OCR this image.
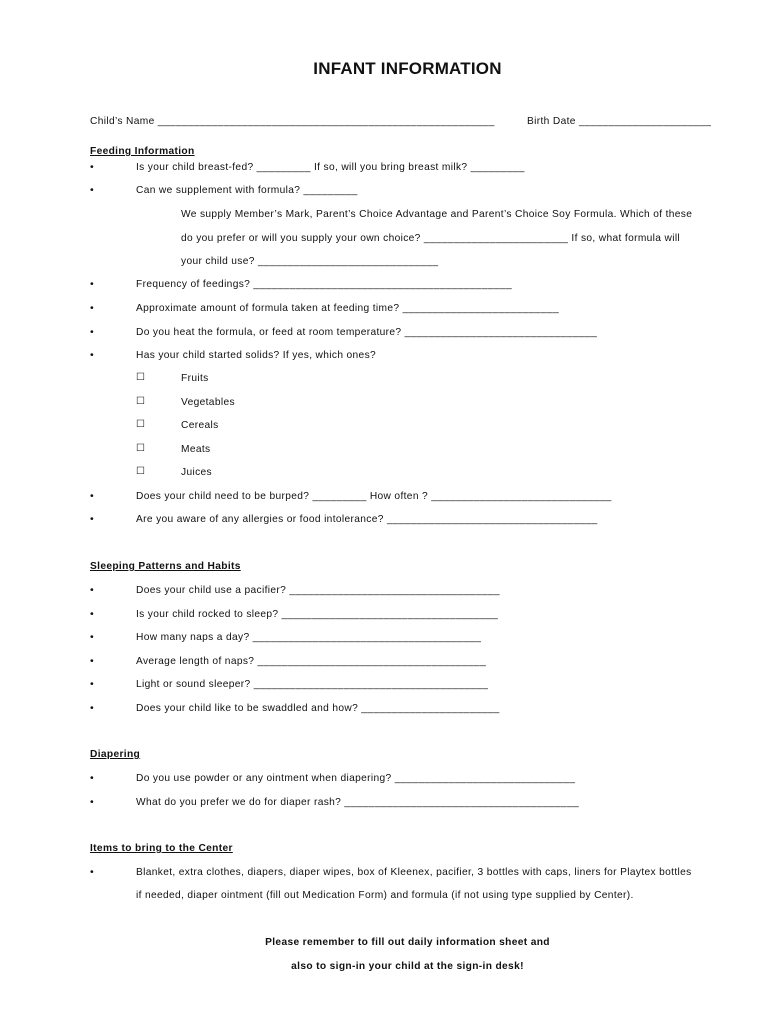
INFANT INFORMATION
Child’s Name ________________________________________________________	Birth Date ______________________
Feeding Information
•	Is your child breast-fed? _________ If so, will you bring breast milk? _________
•	Can we supplement with formula? _________
We supply Member’s Mark, Parent’s Choice Advantage and Parent’s Choice Soy Formula. Which of these
do you prefer or will you supply your own choice? ________________________ If so, what formula will
your child use? ______________________________
•	Frequency of feedings? ___________________________________________
•	Approximate amount of formula taken at feeding time? __________________________
•	Do you heat the formula, or feed at room temperature? ________________________________
•	Has your child started solids? If yes, which ones?
☐	Fruits
☐	Vegetables
☐	Cereals
☐	Meats
☐	Juices
•	Does your child need to be burped? _________ How often ? ______________________________
•	Are you aware of any allergies or food intolerance? ___________________________________
Sleeping Patterns and Habits
•	Does your child use a pacifier? ___________________________________
•	Is your child rocked to sleep? ____________________________________
•	How many naps a day? ______________________________________
•	Average length of naps? ______________________________________
•	Light or sound sleeper? _______________________________________
•	Does your child like to be swaddled and how? _______________________
Diapering
•	Do you use powder or any ointment when diapering? ______________________________
•	What do you prefer we do for diaper rash? _______________________________________
Items to bring to the Center
•	Blanket, extra clothes, diapers, diaper wipes, box of Kleenex, pacifier, 3 bottles with caps, liners for Playtex bottles
if needed, diaper ointment (fill out Medication Form) and formula (if not using type supplied by Center).
Please remember to fill out daily information sheet and
also to sign-in your child at the sign-in desk!
